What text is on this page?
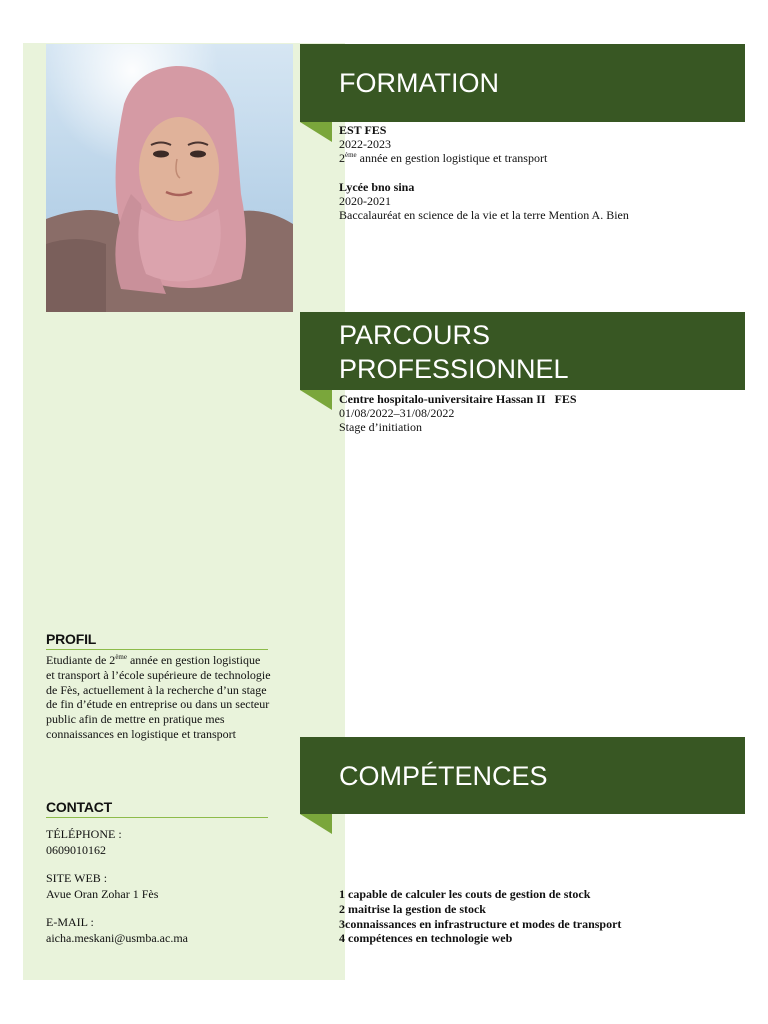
FORMATION
EST FES
2022-2023
2ème année en gestion logistique et transport
Lycée bno sina
2020-2021
Baccalauréat en science de la vie et la terre Mention A. Bien
PARCOURS
PROFESSIONNEL
Centre hospitalo-universitaire Hassan II   FES
01/08/2022–31/08/2022
Stage d’initiation
COMPÉTENCES
1 capable de calculer les couts de gestion de stock
2 maitrise la gestion de stock
3connaissances en infrastructure et modes de transport
4 compétences en technologie web
PROFIL
Etudiante de 2ème année en gestion logistique et transport à l’école supérieure de technologie de Fès, actuellement à la recherche d’un stage de fin d’étude en entreprise ou dans un secteur public afin de mettre en pratique mes connaissances en logistique et transport
CONTACT
TÉLÉPHONE :
0609010162
SITE WEB :
Avue Oran Zohar 1 Fès
E-MAIL :
aicha.meskani@usmba.ac.ma
